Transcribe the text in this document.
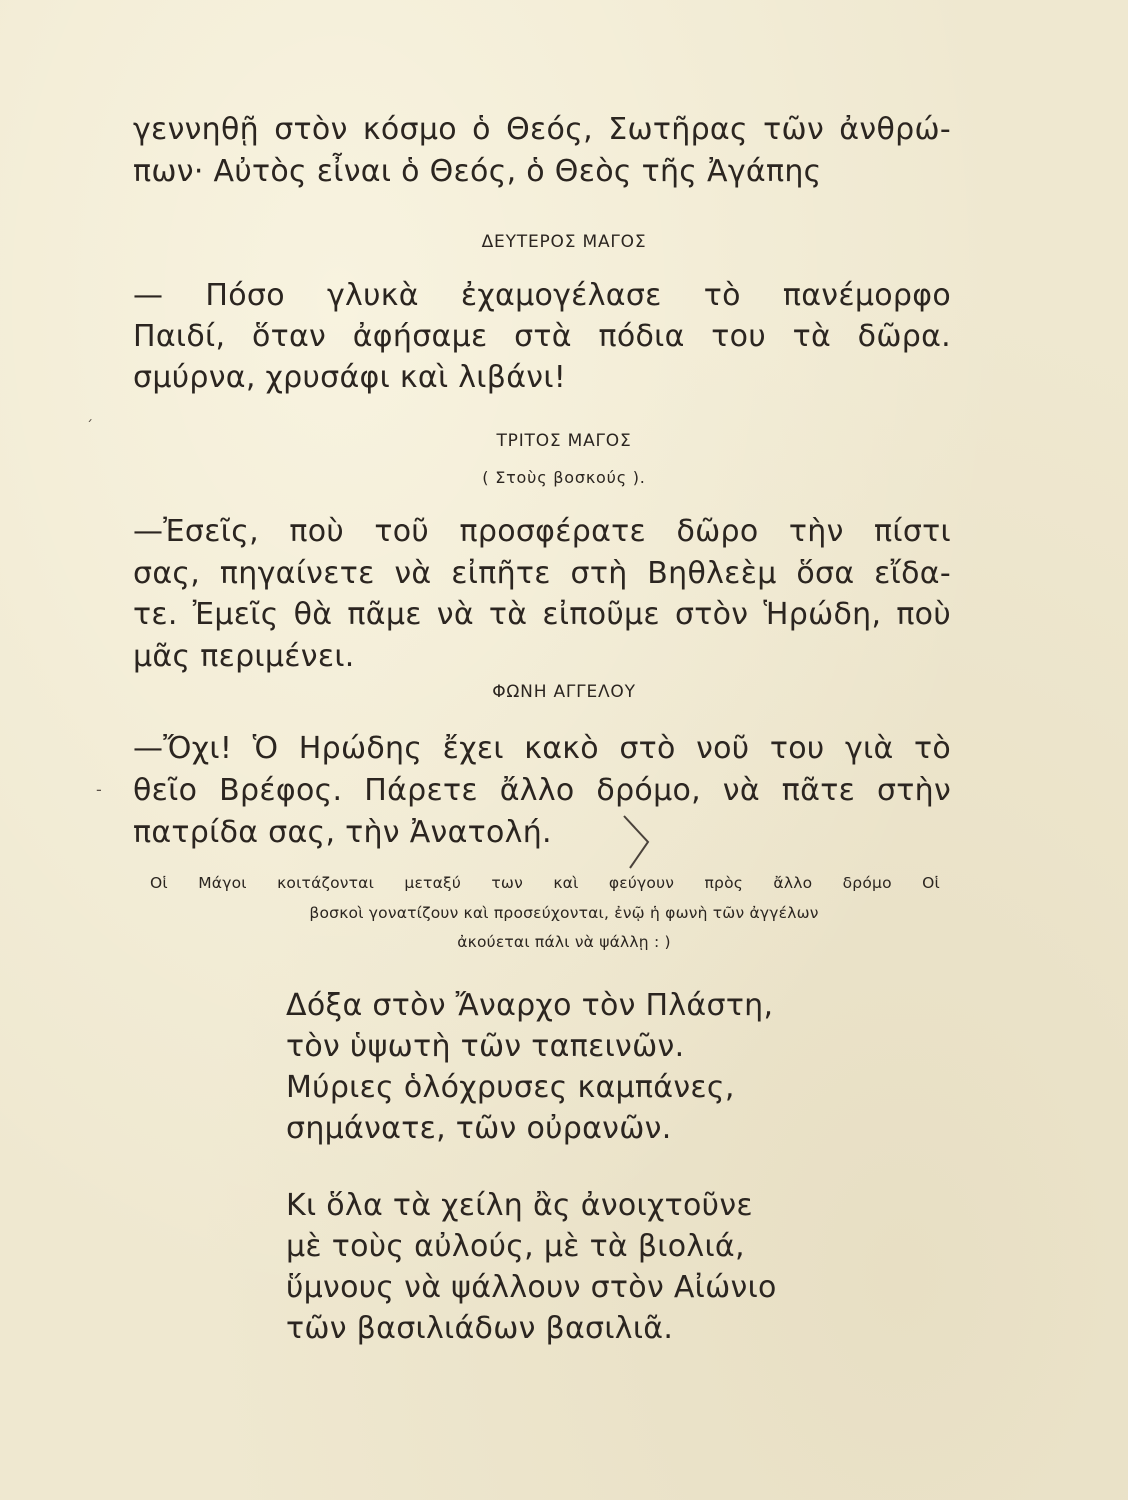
γεννηθῇ στὸν κόσμο ὁ Θεός, Σωτῆρας τῶν ἀνθρώ-

πων· Αὐτὸς εἶναι ὁ Θεός, ὁ Θεὸς τῆς Ἀγάπης

ΔΕΥΤΕΡΟΣ ΜΑΓΟΣ

— Πόσο γλυκὰ ἐχαμογέλασε τὸ πανέμορφο

Παιδί, ὅταν ἀφήσαμε στὰ πόδια του τὰ δῶρα.

σμύρνα, χρυσάφι καὶ λιβάνι!

ΤΡΙΤΟΣ ΜΑΓΟΣ

( Στοὺς βοσκούς ).

—Ἐσεῖς, ποὺ τοῦ προσφέρατε δῶρο τὴν πίστι

σας, πηγαίνετε νὰ εἰπῆτε στὴ Βηθλεὲμ ὅσα εἴδα-

τε. Ἐμεῖς θὰ πᾶμε νὰ τὰ εἰποῦμε στὸν Ἡρώδη, ποὺ

μᾶς περιμένει.

ΦΩΝΗ ΑΓΓΕΛΟΥ

—Ὄχι! Ὁ Ηρώδης ἔχει κακὸ στὸ νοῦ του γιὰ τὸ

θεῖο Βρέφος. Πάρετε ἄλλο δρόμο, νὰ πᾶτε στὴν

πατρίδα σας, τὴν Ἀνατολή.

Οἱ Μάγοι κοιτάζονται μεταξύ των καὶ φεύγουν πρὸς ἄλλο δρόμο Οἱ

βοσκοὶ γονατίζουν καὶ προσεύχονται, ἐνῷ ἡ φωνὴ τῶν ἀγγέλων

ἀκούεται πάλι νὰ ψάλλῃ : )

Δόξα στὸν Ἄναρχο τὸν Πλάστη,

τὸν ὑψωτὴ τῶν ταπεινῶν.

Μύριες ὁλόχρυσες καμπάνες,

σημάνατε, τῶν οὐρανῶν.

Κι ὅλα τὰ χείλη ἂς ἀνοιχτοῦνε

μὲ τοὺς αὐλούς, μὲ τὰ βιολιά,

ὕμνους νὰ ψάλλουν στὸν Αἰώνιο

τῶν βασιλιάδων βασιλιᾶ.

ˊ
-
